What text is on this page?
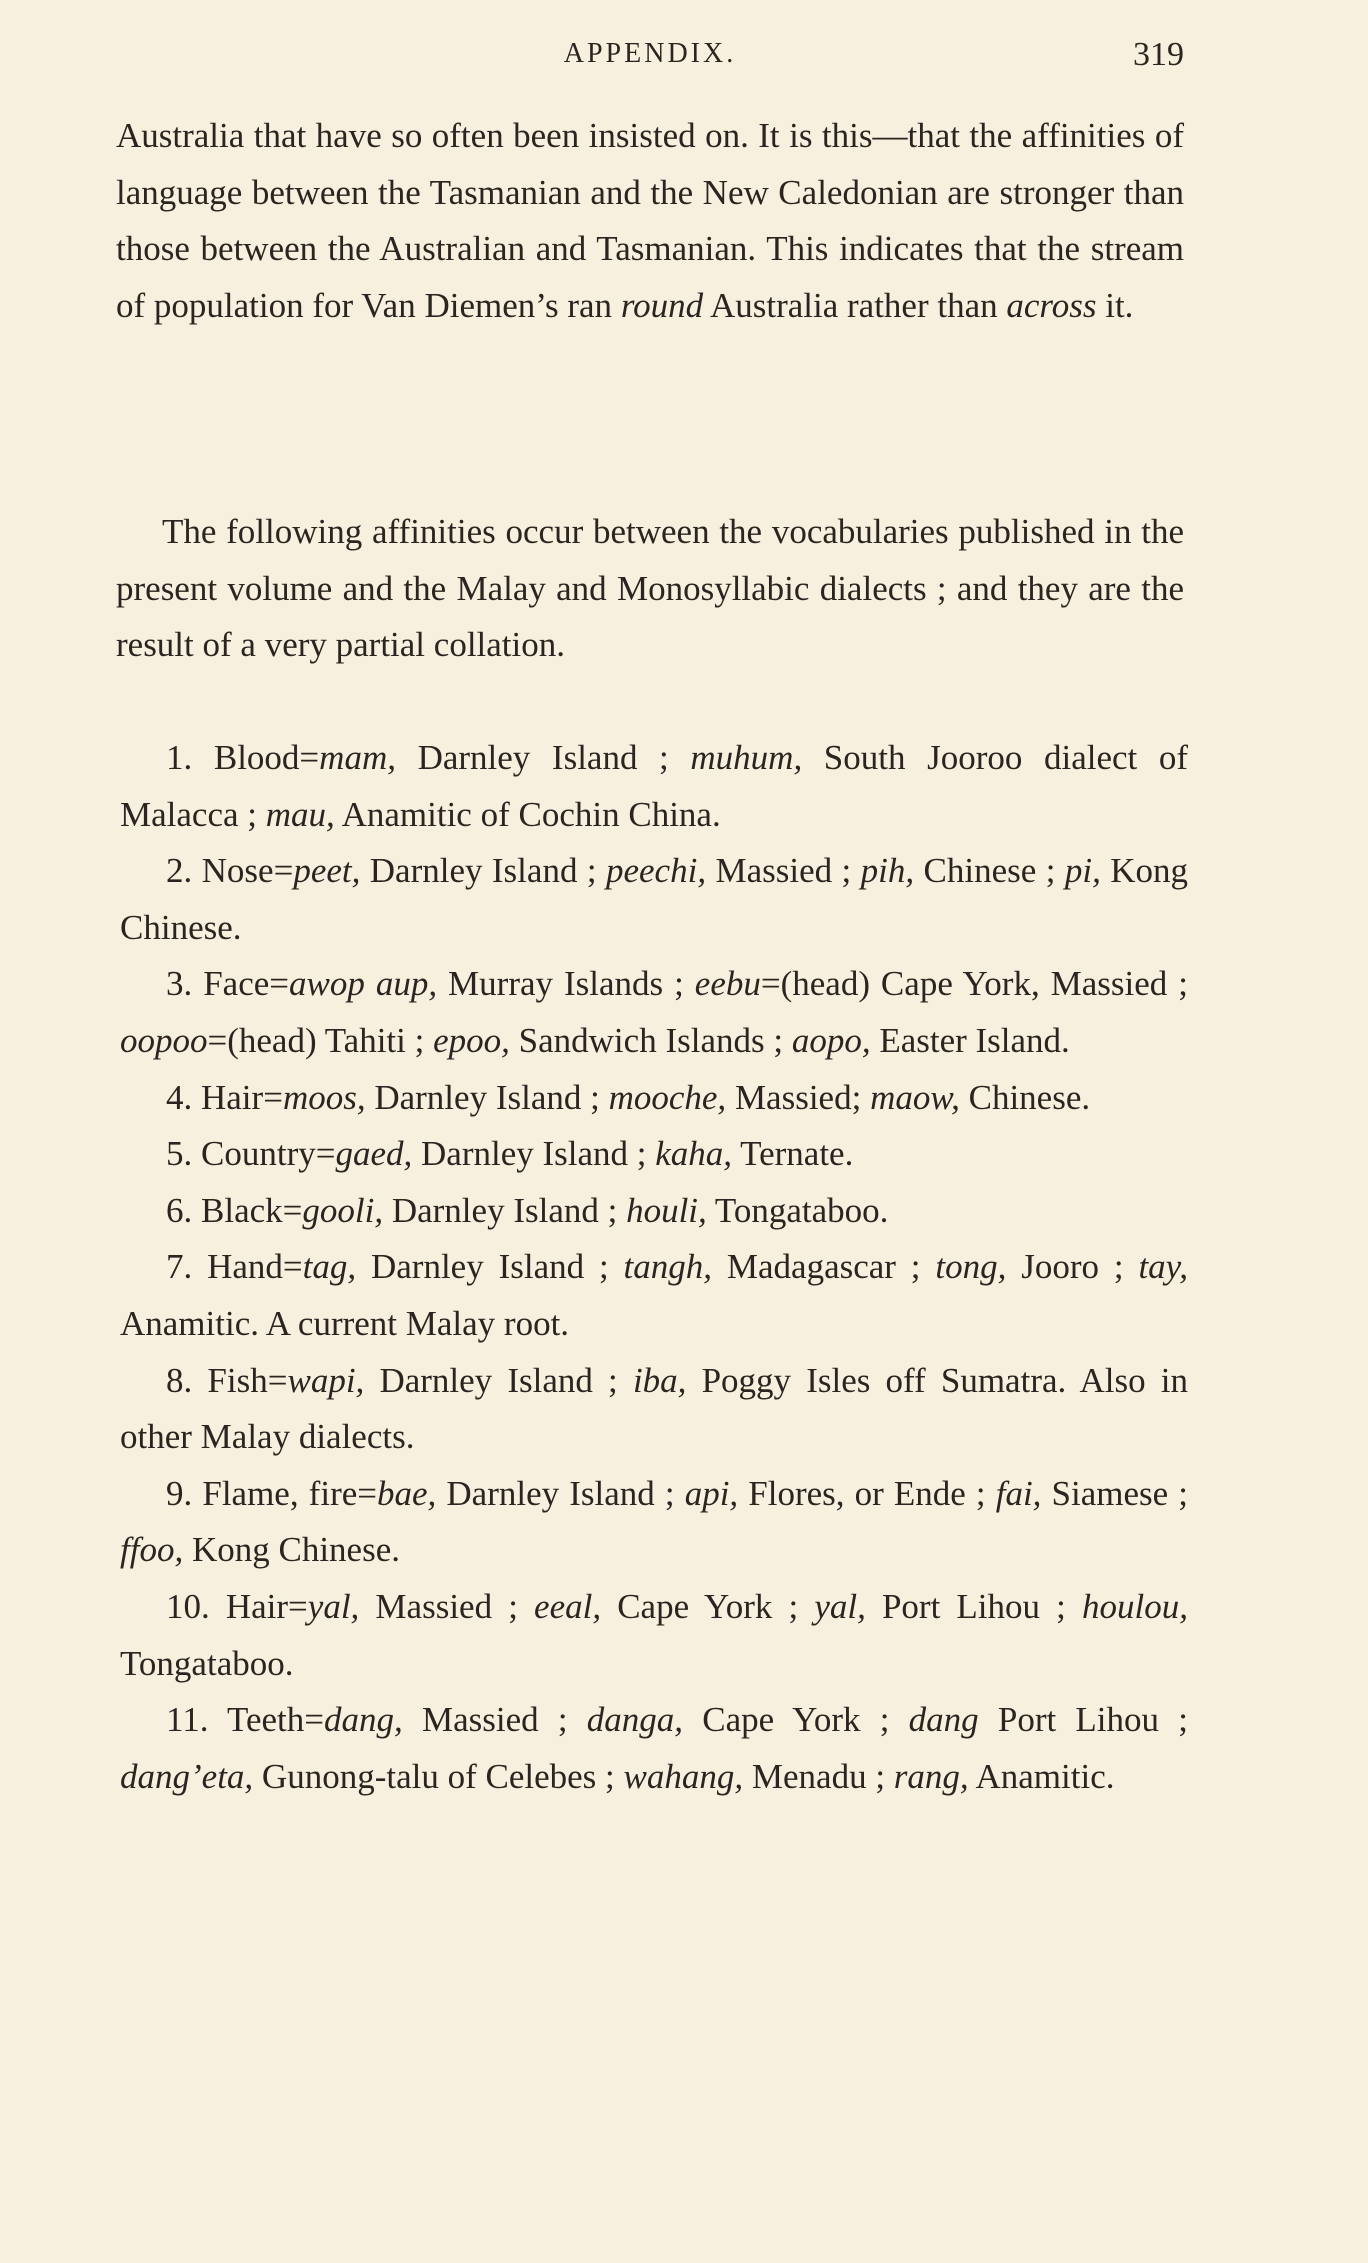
APPENDIX.	319

Australia that have so often been insisted on. It is this—that the affinities of language between the Tasmanian and the New Caledonian are stronger than those between the Australian and Tasmanian. This indicates that the stream of population for Van Diemen’s ran round Australia rather than across it.

The following affinities occur between the vocabularies published in the present volume and the Malay and Monosyllabic dialects ; and they are the result of a very partial collation.

1. Blood=mam, Darnley Island ; muhum, South Jooroo dialect of Malacca ; mau, Anamitic of Cochin China.

2. Nose=peet, Darnley Island ; peechi, Massied ; pih, Chinese ; pi, Kong Chinese.

3. Face=awop aup, Murray Islands ; eebu=(head) Cape York, Massied ; oopoo=(head) Tahiti ; epoo, Sandwich Islands ; aopo, Easter Island.

4. Hair=moos, Darnley Island ; mooche, Massied; maow, Chinese.

5. Country=gaed, Darnley Island ; kaha, Ternate.

6. Black=gooli, Darnley Island ; houli, Tongataboo.

7. Hand=tag, Darnley Island ; tangh, Madagascar ; tong, Jooro ; tay, Anamitic. A current Malay root.

8. Fish=wapi, Darnley Island ; iba, Poggy Isles off Sumatra. Also in other Malay dialects.

9. Flame, fire=bae, Darnley Island ; api, Flores, or Ende ; fai, Siamese ; ffoo, Kong Chinese.

10. Hair=yal, Massied ; eeal, Cape York ; yal, Port Lihou ; houlou, Tongataboo.

11. Teeth=dang, Massied ; danga, Cape York ; dang Port Lihou ; dang’eta, Gunong-talu of Celebes ; wahang, Menadu ; rang, Anamitic.
